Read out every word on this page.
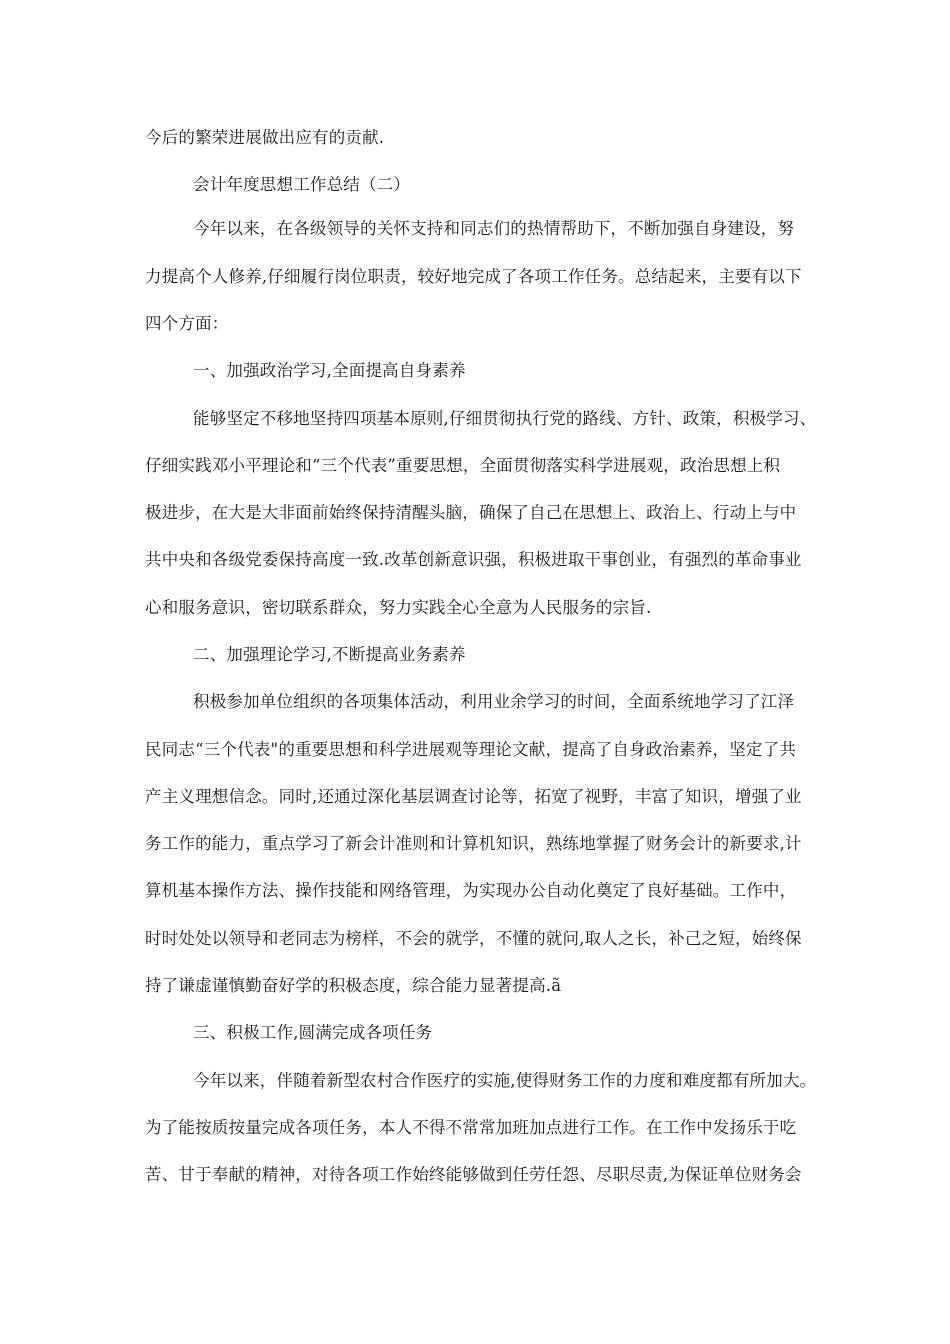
今后的繁荣进展做出应有的贡献.
会计年度思想工作总结（二）
今年以来，在各级领导的关怀支持和同志们的热情帮助下，不断加强自身建设，努
力提高个人修养,仔细履行岗位职责，较好地完成了各项工作任务。总结起来，主要有以下
四个方面：
一、加强政治学习,全面提高自身素养
能够坚定不移地坚持四项基本原则,仔细贯彻执行党的路线、方针、政策，积极学习、
仔细实践邓小平理论和“三个代表”重要思想，全面贯彻落实科学进展观，政治思想上积
极进步，在大是大非面前始终保持清醒头脑，确保了自己在思想上、政治上、行动上与中
共中央和各级党委保持高度一致.改革创新意识强，积极进取干事创业，有强烈的革命事业
心和服务意识，密切联系群众，努力实践全心全意为人民服务的宗旨.
二、加强理论学习,不断提高业务素养
积极参加单位组织的各项集体活动，利用业余学习的时间，全面系统地学习了江泽
民同志“三个代表"的重要思想和科学进展观等理论文献，提高了自身政治素养，坚定了共
产主义理想信念。同时,还通过深化基层调查讨论等，拓宽了视野，丰富了知识，增强了业
务工作的能力，重点学习了新会计准则和计算机知识，熟练地掌握了财务会计的新要求,计
算机基本操作方法、操作技能和网络管理，为实现办公自动化奠定了良好基础。工作中，
时时处处以领导和老同志为榜样，不会的就学，不懂的就问,取人之长，补己之短，始终保
持了谦虚谨慎勤奋好学的积极态度，综合能力显著提高.ã
三、积极工作,圆满完成各项任务
今年以来，伴随着新型农村合作医疗的实施,使得财务工作的力度和难度都有所加大。
为了能按质按量完成各项任务，本人不得不常常加班加点进行工作。在工作中发扬乐于吃
苦、甘于奉献的精神，对待各项工作始终能够做到任劳任怨、尽职尽责,为保证单位财务会
